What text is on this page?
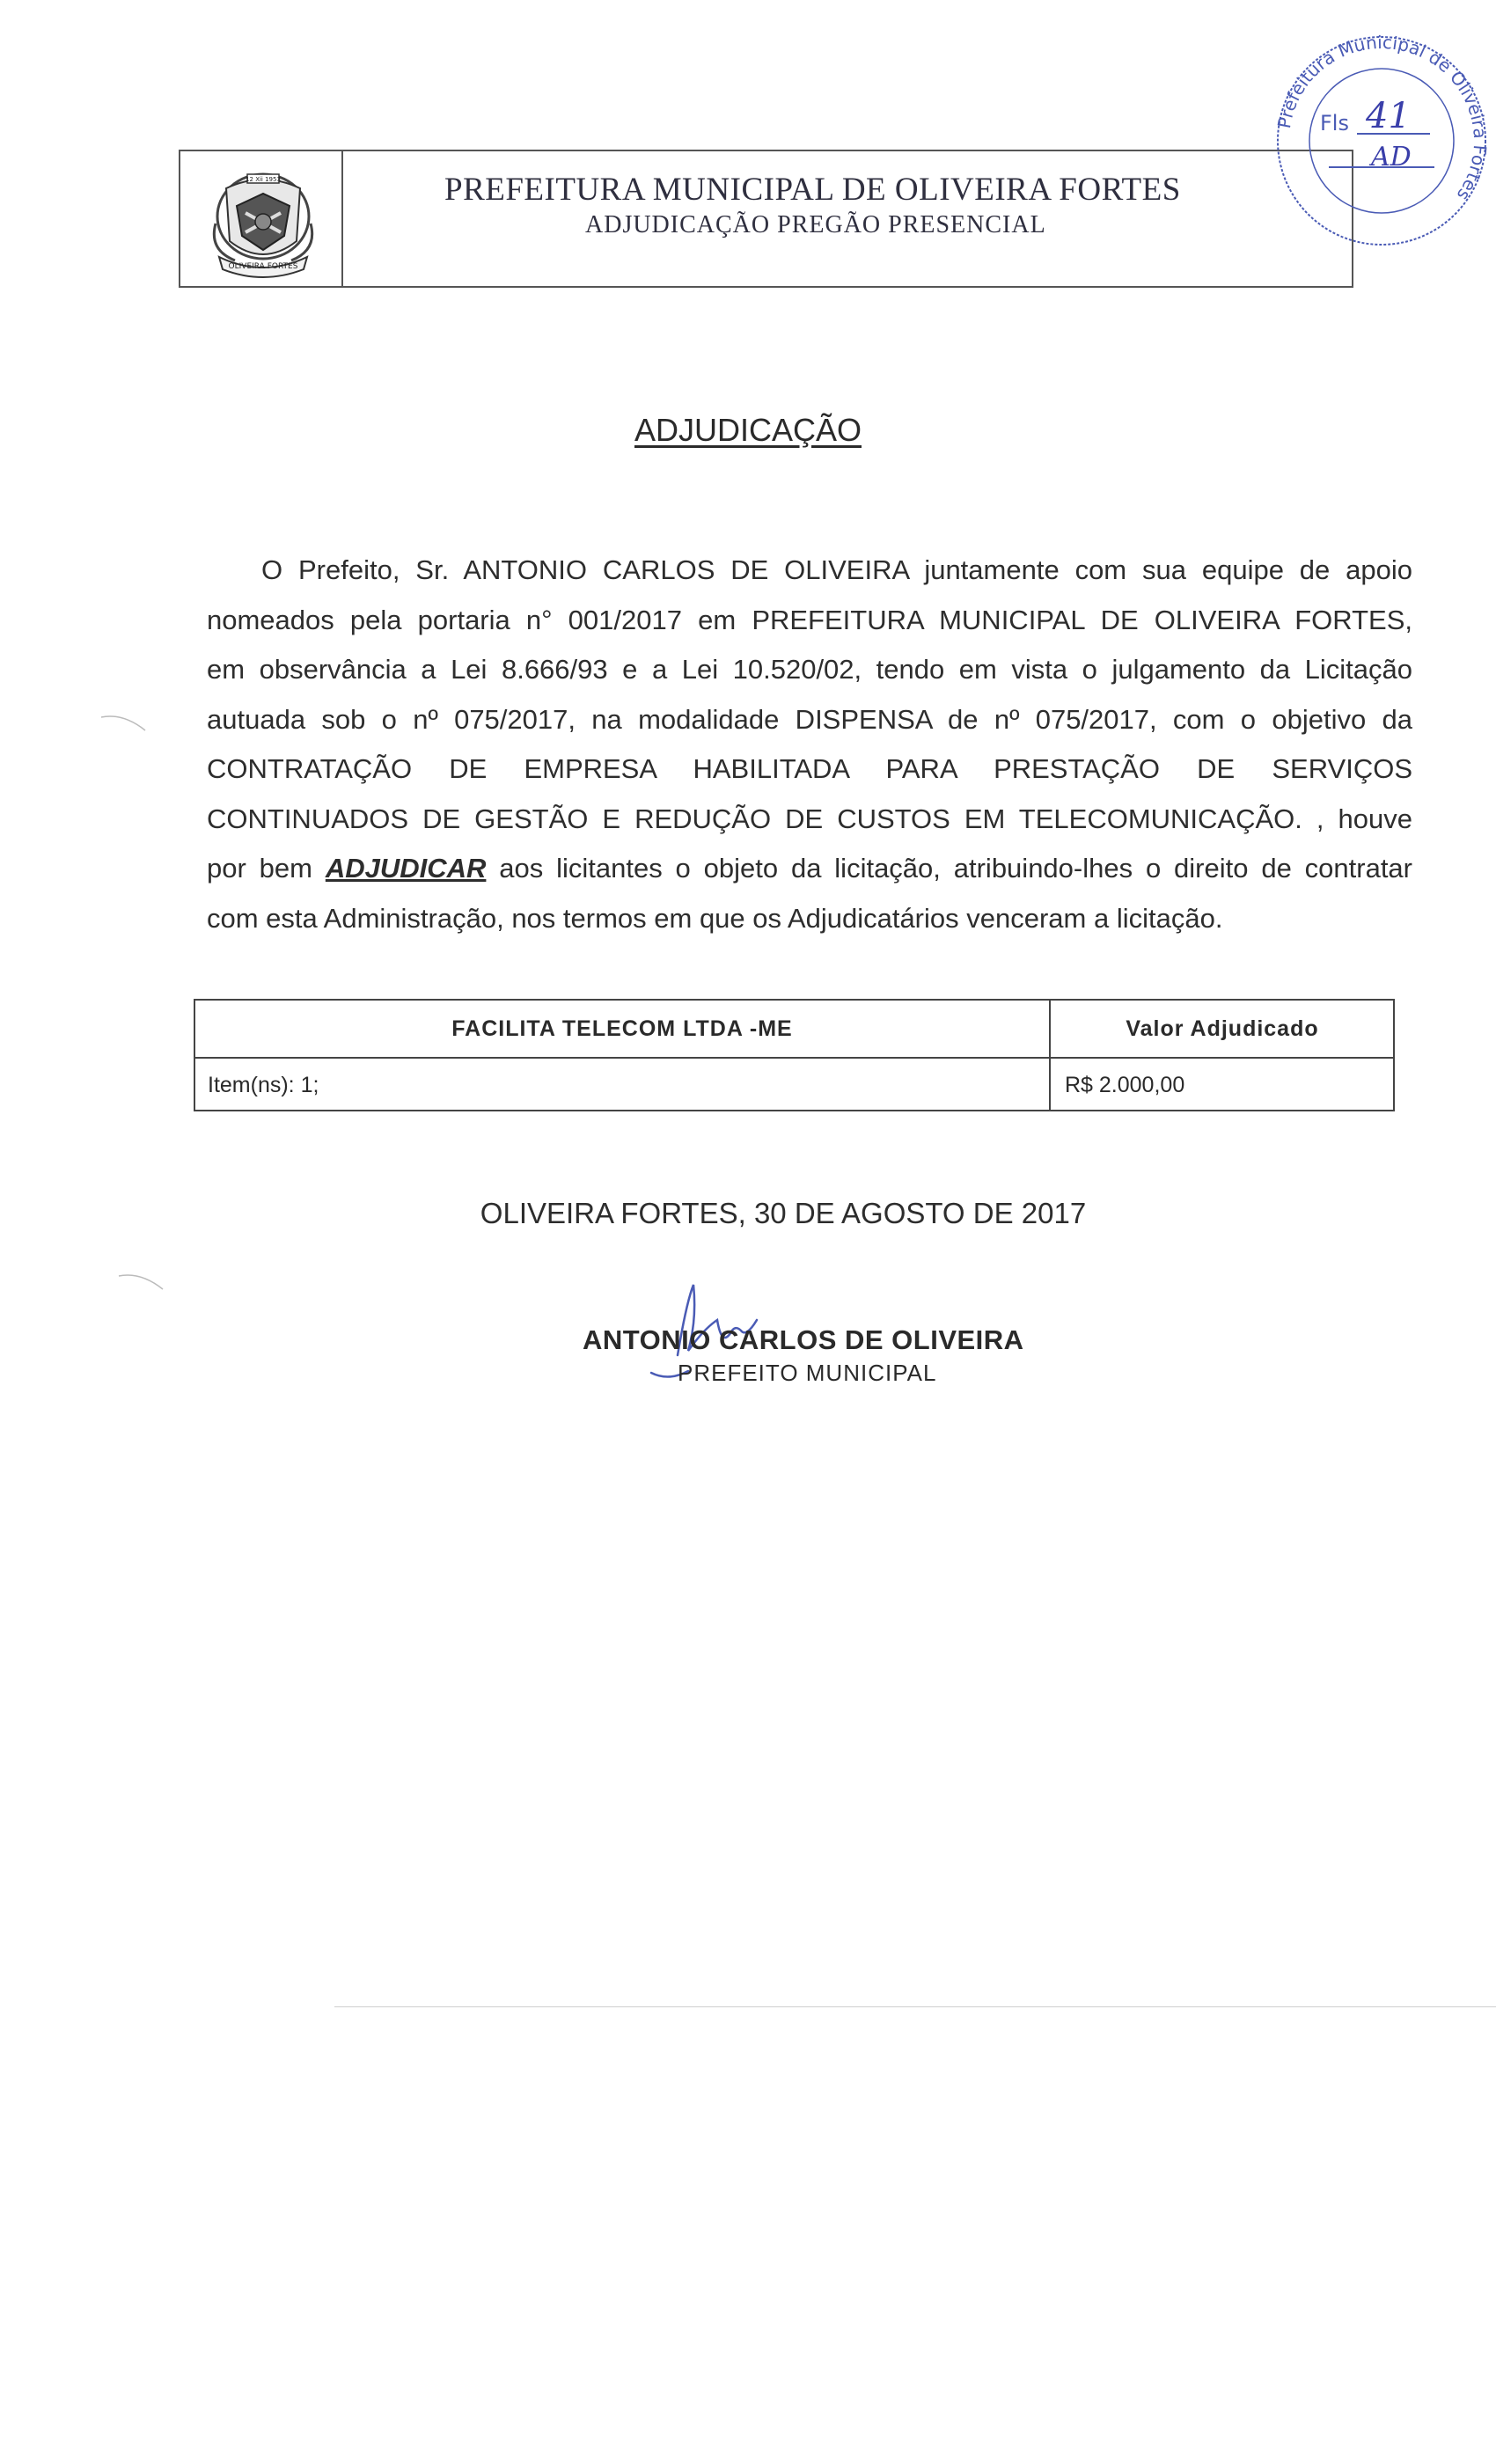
12 Xii 1953
OLIVEIRA FORTES
PREFEITURA MUNICIPAL DE OLIVEIRA FORTES
ADJUDICAÇÃO PREGÃO PRESENCIAL
Prefeitura Municipal de Oliveira Fortes
Fls 41
AD
ADJUDICAÇÃO
O Prefeito, Sr. ANTONIO CARLOS DE OLIVEIRA juntamente com sua equipe de apoio
nomeados pela portaria n° 001/2017 em PREFEITURA MUNICIPAL DE OLIVEIRA FORTES,
em observância a Lei 8.666/93 e a Lei 10.520/02, tendo em vista o julgamento da Licitação
autuada sob o nº 075/2017, na modalidade DISPENSA de nº 075/2017, com o objetivo da
CONTRATAÇÃO DE EMPRESA HABILITADA PARA PRESTAÇÃO DE SERVIÇOS
CONTINUADOS DE GESTÃO E REDUÇÃO DE CUSTOS EM TELECOMUNICAÇÃO. , houve
por bem ADJUDICAR aos licitantes o objeto da licitação, atribuindo-lhes o direito de contratar
com esta Administração, nos termos em que os Adjudicatários venceram a licitação.
FACILITA TELECOM LTDA -ME	Valor Adjudicado
Item(ns): 1;	R$ 2.000,00
OLIVEIRA FORTES, 30 DE AGOSTO DE 2017
ANTONIO CARLOS DE OLIVEIRA
PREFEITO MUNICIPAL
